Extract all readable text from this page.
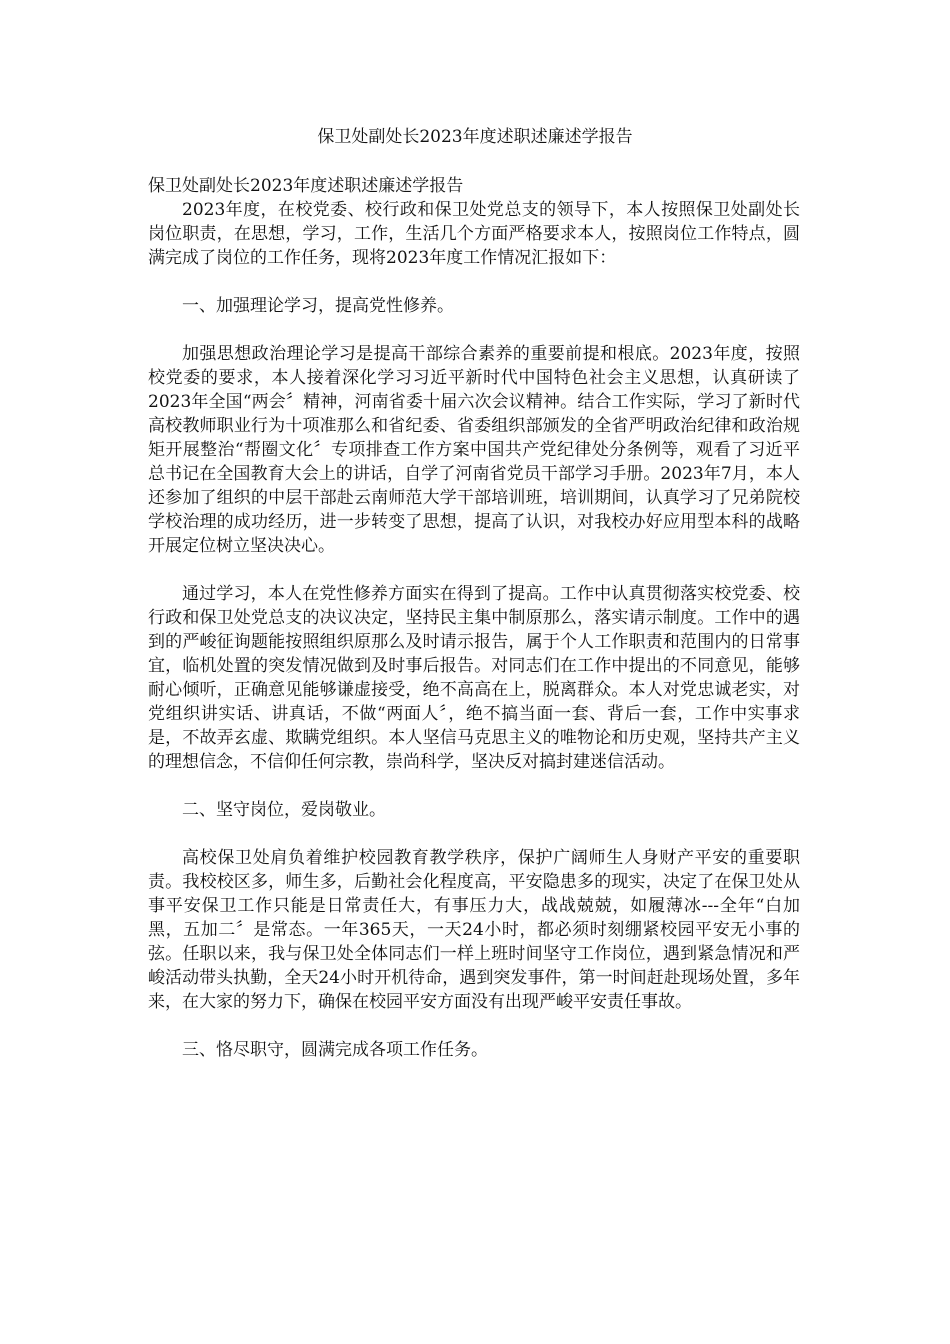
保卫处副处长2023年度述职述廉述学报告

保卫处副处长2023年度述职述廉述学报告

2023年度，在校党委、校行政和保卫处党总支的领导下，本人按照保卫处副处长岗位职责，在思想，学习，工作，生活几个方面严格要求本人，按照岗位工作特点，圆满完成了岗位的工作任务，现将2023年度工作情况汇报如下：

一、加强理论学习，提高党性修养。

加强思想政治理论学习是提高干部综合素养的重要前提和根底。2023年度，按照校党委的要求，本人接着深化学习习近平新时代中国特色社会主义思想，认真研读了2023年全国“两会〞精神，河南省委十届六次会议精神。结合工作实际，学习了新时代高校教师职业行为十项准那么和省纪委、省委组织部颁发的全省严明政治纪律和政治规矩开展整治“帮圈文化〞专项排查工作方案中国共产党纪律处分条例等，观看了习近平总书记在全国教育大会上的讲话，自学了河南省党员干部学习手册。2023年7月，本人还参加了组织的中层干部赴云南师范大学干部培训班，培训期间，认真学习了兄弟院校学校治理的成功经历，进一步转变了思想，提高了认识，对我校办好应用型本科的战略开展定位树立坚决决心。

通过学习，本人在党性修养方面实在得到了提高。工作中认真贯彻落实校党委、校行政和保卫处党总支的决议决定，坚持民主集中制原那么，落实请示制度。工作中的遇到的严峻征询题能按照组织原那么及时请示报告，属于个人工作职责和范围内的日常事宜，临机处置的突发情况做到及时事后报告。对同志们在工作中提出的不同意见，能够耐心倾听，正确意见能够谦虚接受，绝不高高在上，脱离群众。本人对党忠诚老实，对党组织讲实话、讲真话，不做“两面人〞，绝不搞当面一套、背后一套，工作中实事求是，不故弄玄虚、欺瞒党组织。本人坚信马克思主义的唯物论和历史观，坚持共产主义的理想信念，不信仰任何宗教，崇尚科学，坚决反对搞封建迷信活动。

二、坚守岗位，爱岗敬业。

高校保卫处肩负着维护校园教育教学秩序，保护广阔师生人身财产平安的重要职责。我校校区多，师生多，后勤社会化程度高，平安隐患多的现实，决定了在保卫处从事平安保卫工作只能是日常责任大，有事压力大，战战兢兢，如履薄冰---全年“白加黑，五加二〞是常态。一年365天，一天24小时，都必须时刻绷紧校园平安无小事的弦。任职以来，我与保卫处全体同志们一样上班时间坚守工作岗位，遇到紧急情况和严峻活动带头执勤，全天24小时开机待命，遇到突发事件，第一时间赶赴现场处置，多年来，在大家的努力下，确保在校园平安方面没有出现严峻平安责任事故。

三、恪尽职守，圆满完成各项工作任务。
